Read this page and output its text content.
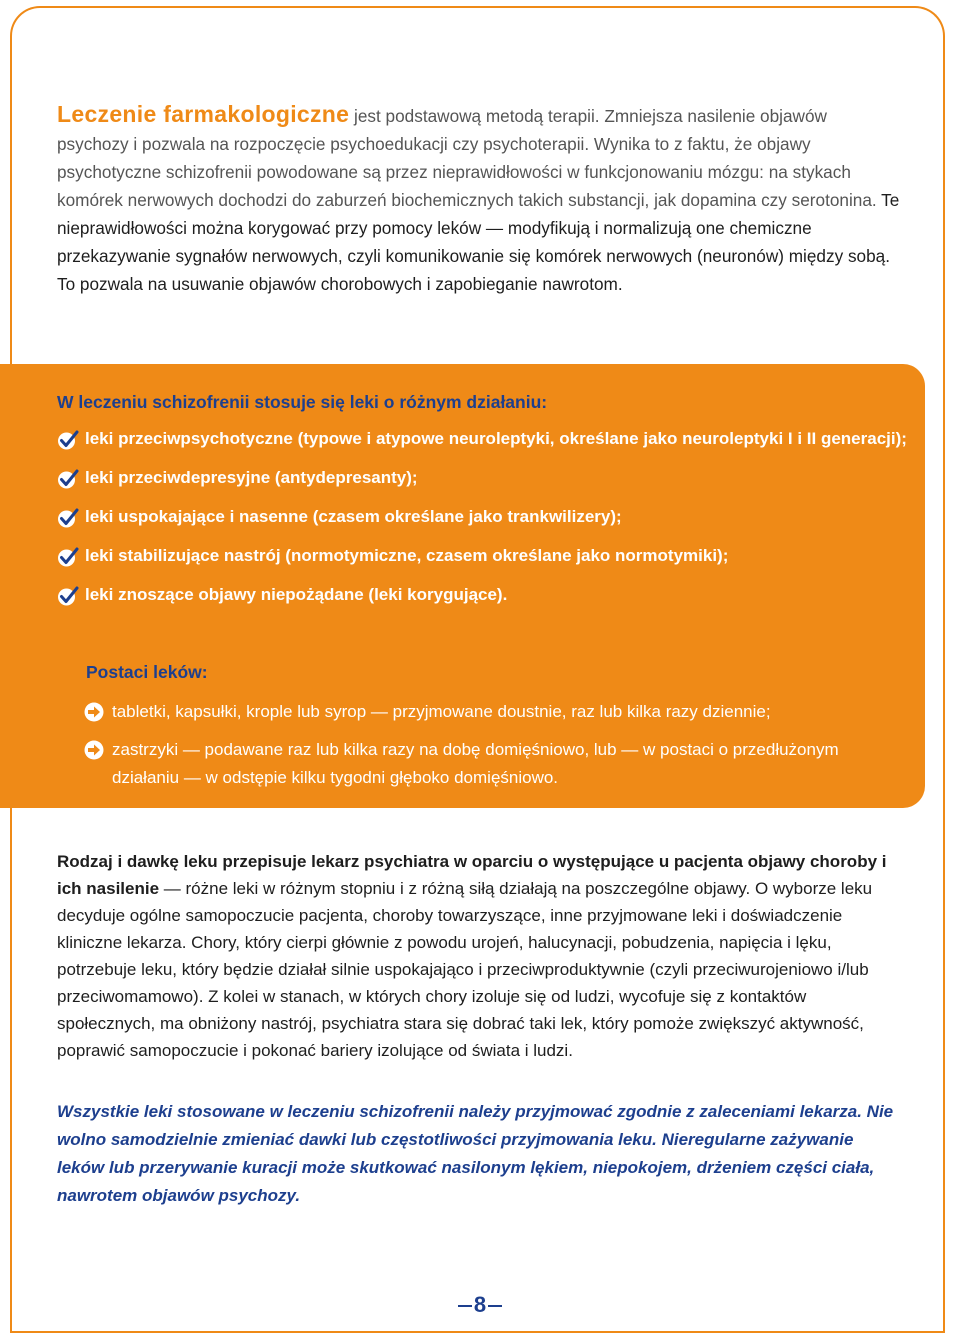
Leczenie farmakologiczne jest podstawową metodą terapii. Zmniejsza nasilenie objawów psychozy i pozwala na rozpoczęcie psychoedukacji czy psychoterapii. Wynika to z faktu, że objawy psychotyczne schizofrenii powodowane są przez nieprawidłowości w funkcjonowaniu mózgu: na stykach komórek nerwowych dochodzi do zaburzeń biochemicznych takich substancji, jak dopamina czy serotonina. Te nieprawidłowości można korygować przy pomocy leków — modyfikują i normalizują one chemiczne przekazywanie sygnałów nerwowych, czyli komunikowanie się komórek nerwowych (neuronów) między sobą. To pozwala na usuwanie objawów chorobowych i zapobieganie nawrotom.

W leczeniu schizofrenii stosuje się leki o różnym działaniu:
leki przeciwpsychotyczne (typowe i atypowe neuroleptyki, określane jako neuroleptyki I i II generacji);
leki przeciwdepresyjne (antydepresanty);
leki uspokajające i nasenne (czasem określane jako trankwilizery);
leki stabilizujące nastrój (normotymiczne, czasem określane jako normotymiki);
leki znoszące objawy niepożądane (leki korygujące).
Postaci leków:
tabletki, kapsułki, krople lub syrop — przyjmowane doustnie, raz lub kilka razy dziennie;
zastrzyki — podawane raz lub kilka razy na dobę domięśniowo, lub — w postaci o przedłużonym działaniu — w odstępie kilku tygodni głęboko domięśniowo.

Rodzaj i dawkę leku przepisuje lekarz psychiatra w oparciu o występujące u pacjenta objawy choroby i ich nasilenie — różne leki w różnym stopniu i z różną siłą działają na poszczególne objawy. O wyborze leku decyduje ogólne samopoczucie pacjenta, choroby towarzyszące, inne przyjmowane leki i doświadczenie kliniczne lekarza. Chory, który cierpi głównie z powodu urojeń, halucynacji, pobudzenia, napięcia i lęku, potrzebuje leku, który będzie działał silnie uspokajająco i przeciwproduktywnie (czyli przeciwurojeniowo i/lub przeciwomamowo). Z kolei w stanach, w których chory izoluje się od ludzi, wycofuje się z kontaktów społecznych, ma obniżony nastrój, psychiatra stara się dobrać taki lek, który pomoże zwiększyć aktywność, poprawić samopoczucie i pokonać bariery izolujące od świata i ludzi.

Wszystkie leki stosowane w leczeniu schizofrenii należy przyjmować zgodnie z zaleceniami lekarza. Nie wolno samodzielnie zmieniać dawki lub częstotliwości przyjmowania leku. Nieregularne zażywanie leków lub przerywanie kuracji może skutkować nasilonym lękiem, niepokojem, drżeniem części ciała, nawrotem objawów psychozy.

8
